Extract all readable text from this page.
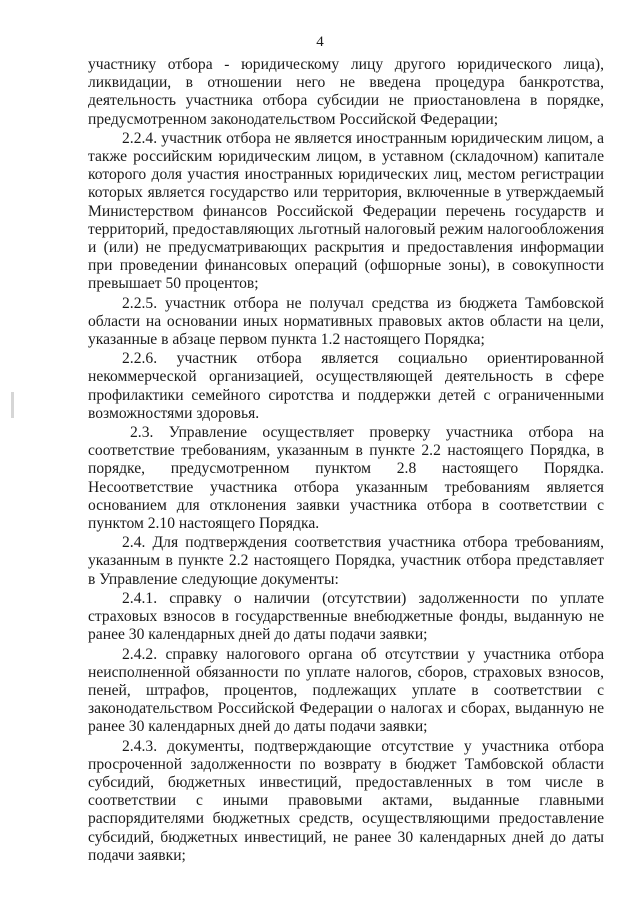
4

участнику отбора - юридическому лицу другого юридического лица), ликвидации, в отношении него не введена процедура банкротства, деятельность участника отбора субсидии не приостановлена в порядке, предусмотренном законодательством Российской Федерации;

2.2.4. участник отбора не является иностранным юридическим лицом, а также российским юридическим лицом, в уставном (складочном) капитале которого доля участия иностранных юридических лиц, местом регистрации которых является государство или территория, включенные в утверждаемый Министерством финансов Российской Федерации перечень государств и территорий, предоставляющих льготный налоговый режим налогообложения и (или) не предусматривающих раскрытия и предоставления информации при проведении финансовых операций (офшорные зоны), в совокупности превышает 50 процентов;

2.2.5. участник отбора не получал средства из бюджета Тамбовской области на основании иных нормативных правовых актов области на цели, указанные в абзаце первом пункта 1.2 настоящего Порядка;

2.2.6. участник отбора является социально ориентированной некоммерческой организацией, осуществляющей деятельность в сфере профилактики семейного сиротства и поддержки детей с ограниченными возможностями здоровья.

2.3. Управление осуществляет проверку участника отбора на соответствие требованиям, указанным в пункте 2.2 настоящего Порядка, в порядке, предусмотренном пунктом 2.8 настоящего Порядка. Несоответствие участника отбора указанным требованиям является основанием для отклонения заявки участника отбора в соответствии с пунктом 2.10 настоящего Порядка.

2.4. Для подтверждения соответствия участника отбора требованиям, указанным в пункте 2.2 настоящего Порядка, участник отбора представляет в Управление следующие документы:

2.4.1. справку о наличии (отсутствии) задолженности по уплате страховых взносов в государственные внебюджетные фонды, выданную не ранее 30 календарных дней до даты подачи заявки;

2.4.2. справку налогового органа об отсутствии у участника отбора неисполненной обязанности по уплате налогов, сборов, страховых взносов, пеней, штрафов, процентов, подлежащих уплате в соответствии с законодательством Российской Федерации о налогах и сборах, выданную не ранее 30 календарных дней до даты подачи заявки;

2.4.3. документы, подтверждающие отсутствие у участника отбора просроченной задолженности по возврату в бюджет Тамбовской области субсидий, бюджетных инвестиций, предоставленных в том числе в соответствии с иными правовыми актами, выданные главными распорядителями бюджетных средств, осуществляющими предоставление субсидий, бюджетных инвестиций, не ранее 30 календарных дней до даты подачи заявки;
